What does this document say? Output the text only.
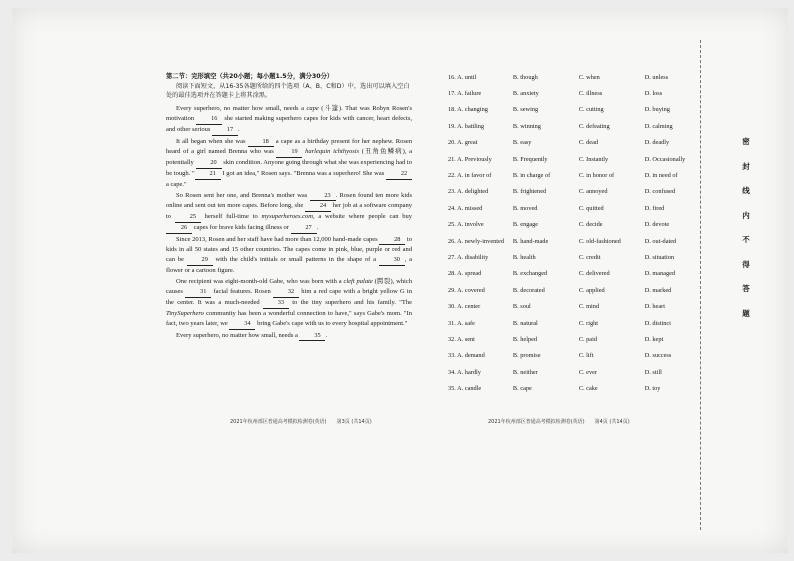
第二节：完形填空（共20小题；每小题1.5分，满分30分）
阅读下面短文，从16-35各题所给的四个选项（A、B、C和D）中，选出可以填入空白处的最佳选项并在答题卡上将其涂黑。

Every superhero, no matter how small, needs a cape (斗篷). That was Robyn Rosen's motivation 16 she started making superhero capes for kids with cancer, heart defects, and other serious 17 .

It all began when she was 18 a cape as a birthday present for her nephew. Rosen heard of a girl named Brenna who was 19 harlequin ichthyosis (丑角鱼鳞病), a potentially 20 skin condition. Anyone going through what she was experiencing had to be tough. " 21 I got an idea," Rosen says. "Brenna was a superhero! She was 22 a cape."

So Rosen sent her one, and Brenna's mother was 23 . Rosen found ten more kids online and sent out ten more capes. Before long, she 24 her job at a software company to 25 herself full-time to mysuperheroes.com, a website where people can buy 26 capes for brave kids facing illness or 27 .

Since 2013, Rosen and her staff have had more than 12,000 hand-made capes 28 to kids in all 50 states and 15 other countries. The capes come in pink, blue, purple or red and can be 29 with the child's initials or small patterns in the shape of a 30 , a flower or a cartoon figure.

One recipient was eight-month-old Gabe, who was born with a cleft palate (腭裂), which causes 31 facial features. Rosen 32 him a red cape with a bright yellow G in the center. It was a much-needed 33 to the tiny superhero and his family. "The TinySuperhero community has been a wonderful connection to have," says Gabe's mom. "In fact, two years later, we 34 bring Gabe's cape with us to every hospital appointment."

Every superhero, no matter how small, needs a 35 .

2021年杭州部区普通高考模拟检测卷(英语)　　第3页 (共14页)
16. A. until	B. though	C. when	D. unless
17. A. failure	B. anxiety	C. illness	D. loss
18. A. changing	B. sewing	C. cutting	D. buying
19. A. battling	B. winning	C. defeating	D. calming
20. A. great	B. easy	C. dead	D. deadly
21. A. Previously	B. Frequently	C. Instantly	D. Occasionally
22. A. in favor of	B. in charge of	C. in honor of	D. in need of
23. A. delighted	B. frightened	C. annoyed	D. confused
24. A. missed	B. moved	C. quitted	D. fired
25. A. involve	B. engage	C. decide	D. devote
26. A. newly-invented	B. hand-made	C. old-fashioned	D. out-dated
27. A. disability	B. health	C. credit	D. situation
28. A. spread	B. exchanged	C. delivered	D. managed
29. A. covered	B. decorated	C. applied	D. marked
30. A. center	B. soul	C. mind	D. heart
31. A. safe	B. natural	C. right	D. distinct
32. A. sent	B. helped	C. paid	D. kept
33. A. demand	B. promise	C. lift	D. success
34. A. hardly	B. neither	C. ever	D. still
35. A. candle	B. cape	C. cake	D. toy
2021年杭州部区普通高考模拟检测卷(英语)　　第4页 (共14页)
密
封
线
内
不
得
答
题
